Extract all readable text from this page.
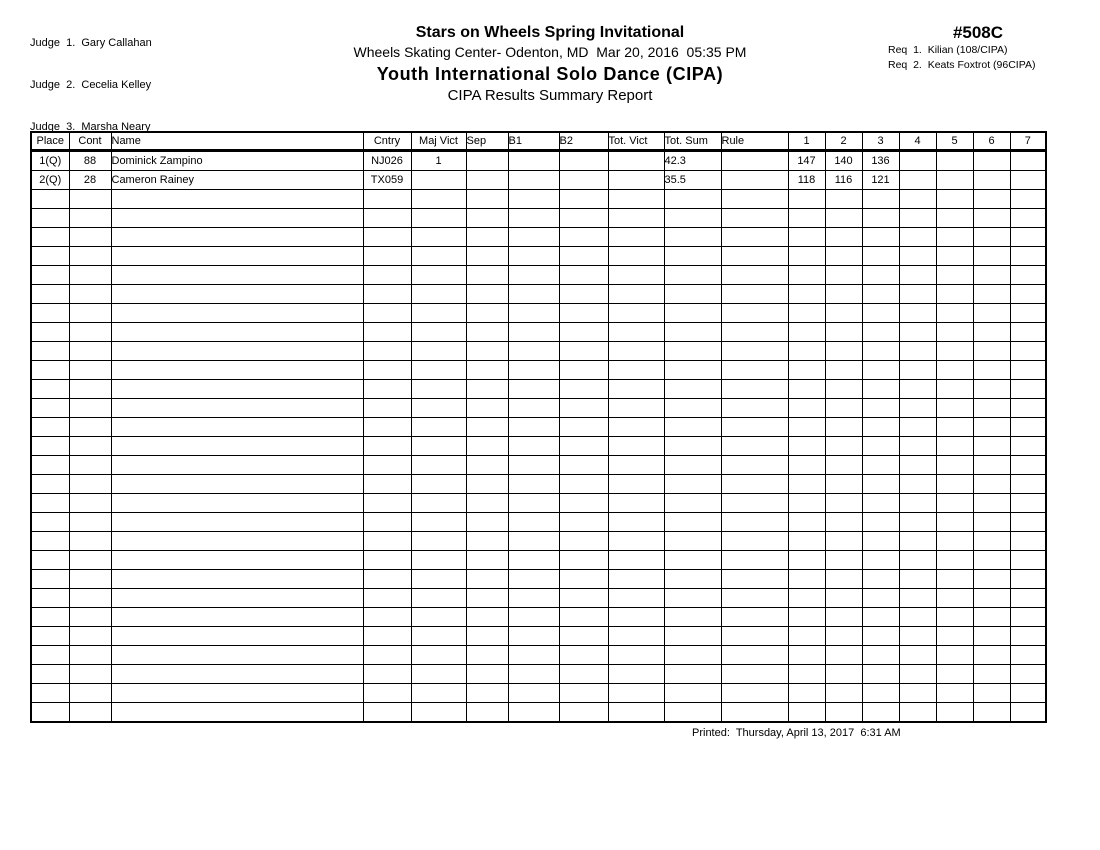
Judge  1.  Gary Callahan

Judge  2.  Cecelia Kelley

Judge  3.  Marsha Neary

Stars on Wheels Spring Invitational
Wheels Skating Center- Odenton, MD  Mar 20, 2016  05:35 PM
Youth International Solo Dance (CIPA)
CIPA Results Summary Report
#508C
Req  1.  Kilian (108/CIPA)
Req  2.  Keats Foxtrot (96CIPA)
Place	Cont	Name	Cntry	Maj Vict	Sep	B1	B2	Tot. Vict	Tot. Sum	Rule	1	2	3	4	5	6	7
1(Q)	88	Dominick Zampino	NJ026	1					42.3		147	140	136				
2(Q)	28	Cameron Rainey	TX059						35.5		118	116	121				

Printed:  Thursday, April 13, 2017  6:31 AM
